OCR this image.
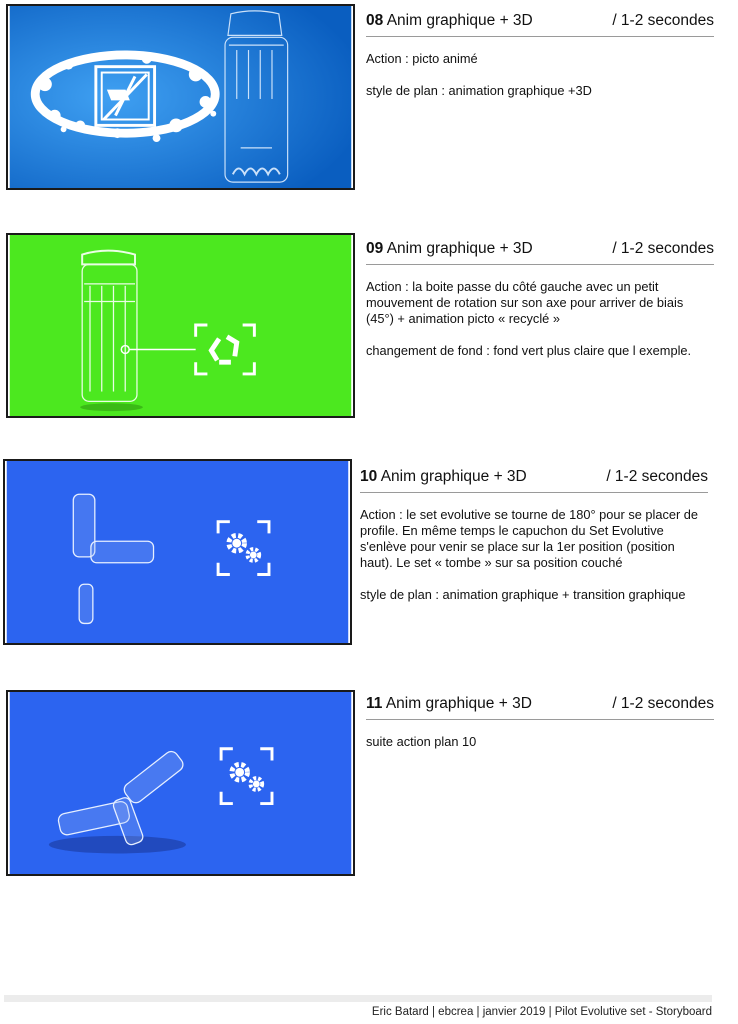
08 Anim graphique + 3D	/ 1-2 secondes

Action : picto animé

style de plan : animation graphique +3D

09 Anim graphique + 3D	/ 1-2 secondes

Action : la boite passe du côté gauche avec un petit mouvement de rotation sur son axe pour arriver de biais (45°) + animation picto « recyclé »

changement de fond : fond vert plus claire que l exemple.

10 Anim graphique + 3D	/ 1-2 secondes

Action : le set evolutive se tourne de 180° pour se placer de profile. En même temps le capuchon du Set Evolutive s'enlève pour venir se place sur la 1er position (position haut). Le set « tombe » sur sa position couché

style de plan : animation graphique + transition graphique

11 Anim graphique + 3D	/ 1-2 secondes

suite action plan 10

Eric Batard | ebcrea | janvier 2019 | Pilot Evolutive set - Storyboard
